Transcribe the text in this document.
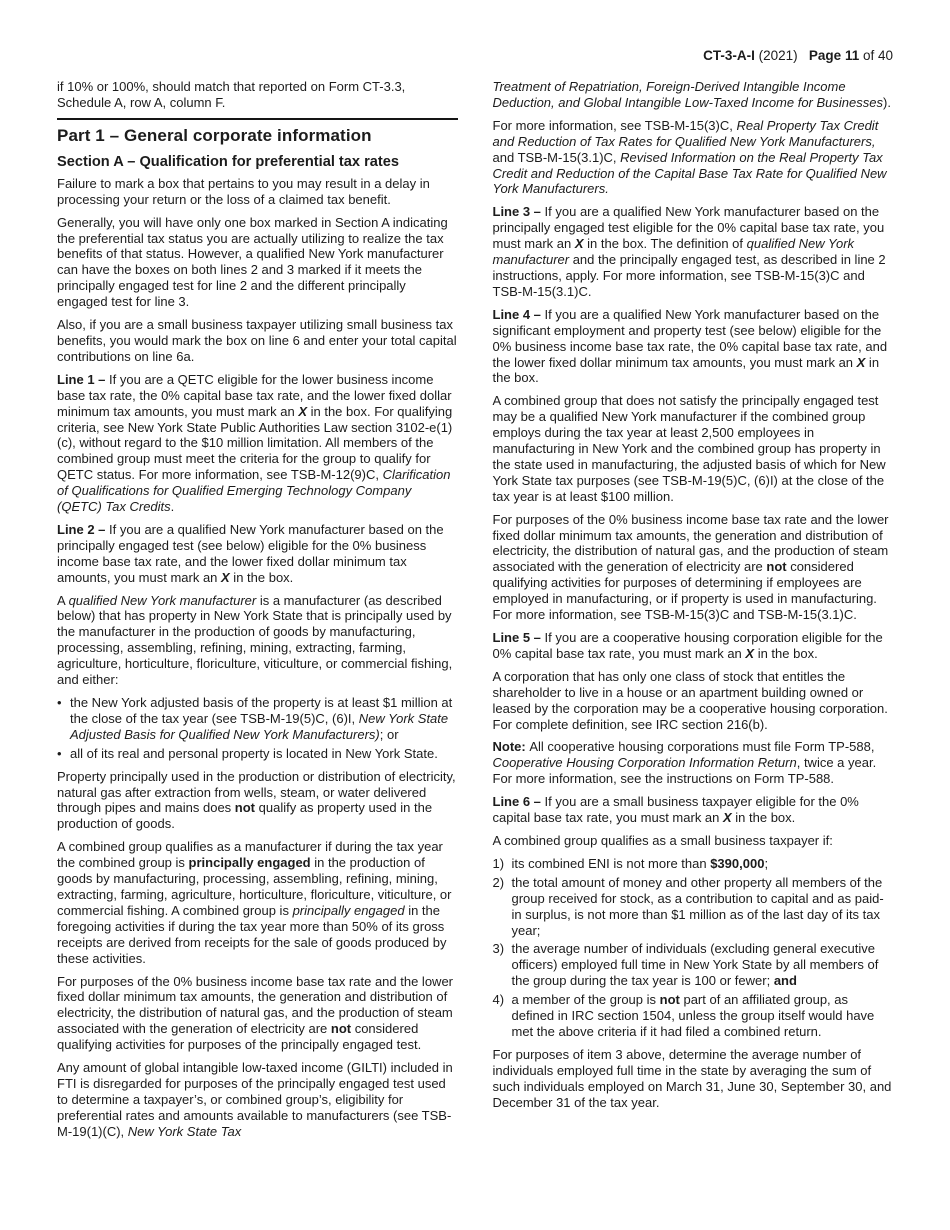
CT-3-A-I (2021)   Page 11 of 40

if 10% or 100%, should match that reported on Form CT-3.3, Schedule A, row A, column F.

Part 1 – General corporate information
Section A – Qualification for preferential tax rates

Failure to mark a box that pertains to you may result in a delay in processing your return or the loss of a claimed tax benefit.

Generally, you will have only one box marked in Section A indicating the preferential tax status you are actually utilizing to realize the tax benefits of that status. However, a qualified New York manufacturer can have the boxes on both lines 2 and 3 marked if it meets the principally engaged test for line 2 and the different principally engaged test for line 3.

Also, if you are a small business taxpayer utilizing small business tax benefits, you would mark the box on line 6 and enter your total capital contributions on line 6a.

Line 1 – If you are a QETC eligible for the lower business income base tax rate, the 0% capital base tax rate, and the lower fixed dollar minimum tax amounts, you must mark an X in the box. For qualifying criteria, see New York State Public Authorities Law section 3102-e(1)(c), without regard to the $10 million limitation. All members of the combined group must meet the criteria for the group to qualify for QETC status. For more information, see TSB-M-12(9)C, Clarification of Qualifications for Qualified Emerging Technology Company (QETC) Tax Credits.

Line 2 – If you are a qualified New York manufacturer based on the principally engaged test (see below) eligible for the 0% business income base tax rate, and the lower fixed dollar minimum tax amounts, you must mark an X in the box.

A qualified New York manufacturer is a manufacturer (as described below) that has property in New York State that is principally used by the manufacturer in the production of goods by manufacturing, processing, assembling, refining, mining, extracting, farming, agriculture, horticulture, floriculture, viticulture, or commercial fishing, and either:

• the New York adjusted basis of the property is at least $1 million at the close of the tax year (see TSB-M-19(5)C, (6)I, New York State Adjusted Basis for Qualified New York Manufacturers); or
• all of its real and personal property is located in New York State.

Property principally used in the production or distribution of electricity, natural gas after extraction from wells, steam, or water delivered through pipes and mains does not qualify as property used in the production of goods.

A combined group qualifies as a manufacturer if during the tax year the combined group is principally engaged in the production of goods by manufacturing, processing, assembling, refining, mining, extracting, farming, agriculture, horticulture, floriculture, viticulture, or commercial fishing. A combined group is principally engaged in the foregoing activities if during the tax year more than 50% of its gross receipts are derived from receipts for the sale of goods produced by these activities.

For purposes of the 0% business income base tax rate and the lower fixed dollar minimum tax amounts, the generation and distribution of electricity, the distribution of natural gas, and the production of steam associated with the generation of electricity are not considered qualifying activities for purposes of the principally engaged test.

Any amount of global intangible low-taxed income (GILTI) included in FTI is disregarded for purposes of the principally engaged test used to determine a taxpayer’s, or combined group’s, eligibility for preferential rates and amounts available to manufacturers (see TSB-M-19(1)(C), New York State Tax

Treatment of Repatriation, Foreign-Derived Intangible Income Deduction, and Global Intangible Low-Taxed Income for Businesses).

For more information, see TSB-M-15(3)C, Real Property Tax Credit and Reduction of Tax Rates for Qualified New York Manufacturers, and TSB-M-15(3.1)C, Revised Information on the Real Property Tax Credit and Reduction of the Capital Base Tax Rate for Qualified New York Manufacturers.

Line 3 – If you are a qualified New York manufacturer based on the principally engaged test eligible for the 0% capital base tax rate, you must mark an X in the box. The definition of qualified New York manufacturer and the principally engaged test, as described in line 2 instructions, apply. For more information, see TSB-M-15(3)C and TSB-M-15(3.1)C.

Line 4 – If you are a qualified New York manufacturer based on the significant employment and property test (see below) eligible for the 0% business income base tax rate, the 0% capital base tax rate, and the lower fixed dollar minimum tax amounts, you must mark an X in the box.

A combined group that does not satisfy the principally engaged test may be a qualified New York manufacturer if the combined group employs during the tax year at least 2,500 employees in manufacturing in New York and the combined group has property in the state used in manufacturing, the adjusted basis of which for New York State tax purposes (see TSB-M-19(5)C, (6)I) at the close of the tax year is at least $100 million.

For purposes of the 0% business income base tax rate and the lower fixed dollar minimum tax amounts, the generation and distribution of electricity, the distribution of natural gas, and the production of steam associated with the generation of electricity are not considered qualifying activities for purposes of determining if employees are employed in manufacturing, or if property is used in manufacturing. For more information, see TSB-M-15(3)C and TSB-M-15(3.1)C.

Line 5 – If you are a cooperative housing corporation eligible for the 0% capital base tax rate, you must mark an X in the box.

A corporation that has only one class of stock that entitles the shareholder to live in a house or an apartment building owned or leased by the corporation may be a cooperative housing corporation. For complete definition, see IRC section 216(b).

Note: All cooperative housing corporations must file Form TP-588, Cooperative Housing Corporation Information Return, twice a year. For more information, see the instructions on Form TP-588.

Line 6 – If you are a small business taxpayer eligible for the 0% capital base tax rate, you must mark an X in the box.

A combined group qualifies as a small business taxpayer if:

1) its combined ENI is not more than $390,000;
2) the total amount of money and other property all members of the group received for stock, as a contribution to capital and as paid-in surplus, is not more than $1 million as of the last day of its tax year;
3) the average number of individuals (excluding general executive officers) employed full time in New York State by all members of the group during the tax year is 100 or fewer; and
4) a member of the group is not part of an affiliated group, as defined in IRC section 1504, unless the group itself would have met the above criteria if it had filed a combined return.

For purposes of item 3 above, determine the average number of individuals employed full time in the state by averaging the sum of such individuals employed on March 31, June 30, September 30, and December 31 of the tax year.
